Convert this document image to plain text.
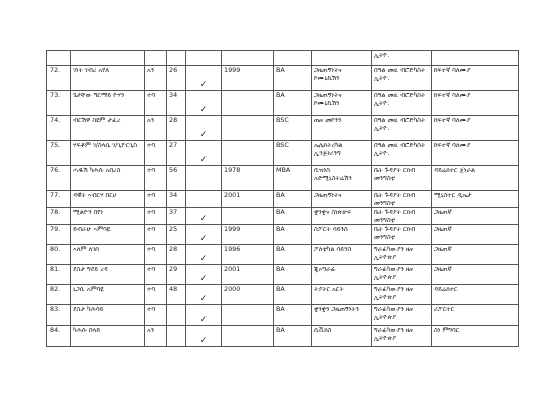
								ኢትዮ.	
72.	ገነት ገብረ አየለ	አን	26	✓	1999	BA	ጋዜጠኝነትና ኮሙኒኬሽን	በዓል መዚ ብሮድካስት ኢትዮ.	ከፍተኛ ባለሙያ
73.	ጌታቸው ግርማይ ዮሃን	ተባ	34	✓		BA	ጋዜጠኝነትና ኮሙኒኬሽን	በዓል መዚ ብሮድካስት ኢትዮ.	ከፍተኛ ባለሙያ
74.	ብርሽዋ ስዩም ታፈረ	አን	28	✓		BSC	ጤና መኮንን	በዓል መዚ ብሮድካስት ኢትዮ.	ከፍተኛ ባለሙያ
75.	ሃፍቶም ገ/ስላሴ ገ/ጊዮርጊስ	ተባ	27	✓		BSC	ኤሌክትሪካል ኢንጅነሪንግ	በዓል መዚ ብሮድካስት ኢትዮ.	ከፍተኛ ባለሙያ
76.	ሓዱሽ ካሕሱ አበረስ	ተባ	56		1978	MBA	ቢዝነስ አድሚኒስትሬሽን	ቤት ጉዳያት ርክብ መንግስቲ	ዳይሬክተር ጀነራል
77.	ዳዊት ኣብርሃ በርሀ	ተባ	34		2001	BA	ጋዜጠኝነትና	ቤት ጉዳያት ርክብ መንግስቲ	ሚኒስተር ዲኤታ
78.	ሚልዮን በየነ	ተባ	37	✓		BA	ቋንቋና ስነጽሁፍ	ቤት ጉዳያት ርክብ መንግስቲ	ጋዜጠኛ
79.	ይብራሁ ኣምባዬ	ተባ	25	✓	1999	BA	ስፖርት ሳይንስ	ቤት ጉዳያት ርክብ መንግስቲ	ጋዜጠኛ
80.	ኣለም ለገሰ	ተባ	28	✓	1996	BA	ፖለቲካል ሳይንስ	ግራፊካውያን ዜና ኢትዮጵያ	ጋዜጠኛ
81.	ደስታ ግደይ ረዳ	ተባ	29	✓	2001	BA	ጂኦግራፊ	ግራፊካውያን ዜና ኢትዮጵያ	ጋዜጠኛ
82.	ኒጋሲ አምባዬ	ተባ	48	✓	2000	BA	ትያትር አርት	ግራፊካውያን ዜና ኢትዮጵያ	ዳይሬክተር
83.	ደስታ ካሕሳይ	ተባ		✓		BA	ቋንቋን ጋዜጠኝነትን	ግራፊካውያን ዜና ኢትዮጵያ	ሪፖርተር
84.	ካሕሱ በላይ	አን		✓		BA	ሲቪክስ	ግራፊካውያን ዜና ኢትዮጵያ	ስነ ምግባር
